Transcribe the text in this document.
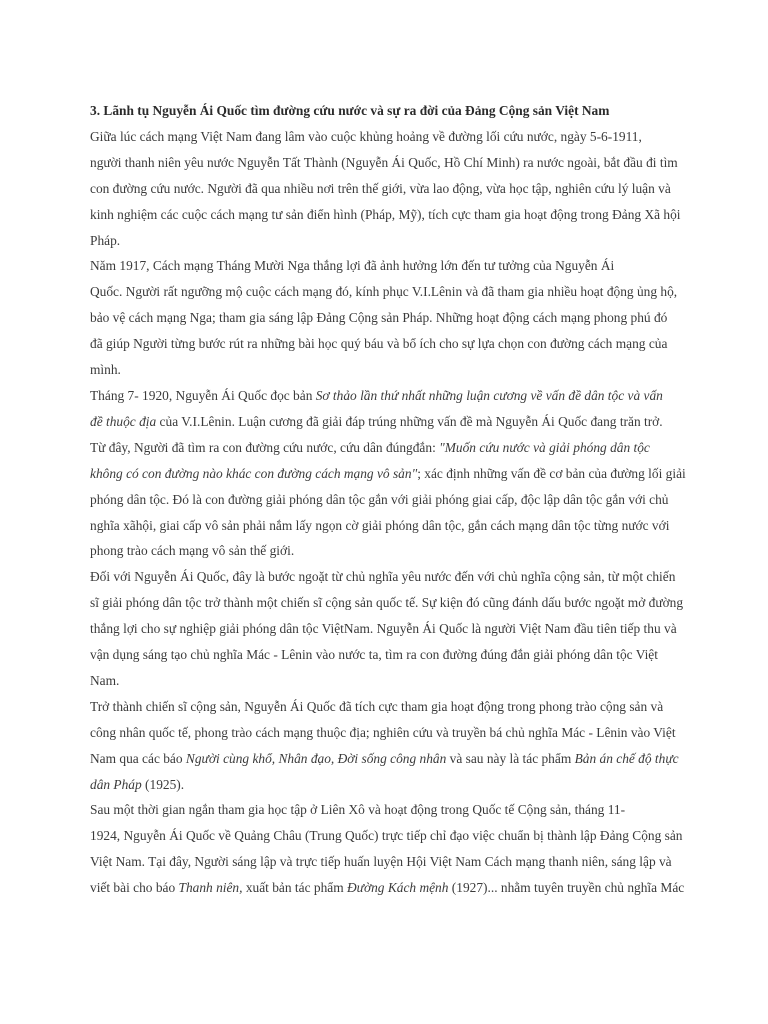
3. Lãnh tụ Nguyễn Ái Quốc tìm đường cứu nước và sự ra đời của Đảng Cộng sản Việt Nam

Giữa lúc cách mạng Việt Nam đang lâm vào cuộc khủng hoảng về đường lối cứu nước, ngày 5-6-1911,
người thanh niên yêu nước Nguyễn Tất Thành (Nguyễn Ái Quốc, Hồ Chí Minh) ra nước ngoài, bắt đầu đi tìm
con đường cứu nước. Người đã qua nhiều nơi trên thế giới, vừa lao động, vừa học tập, nghiên cứu lý luận và
kinh nghiệm các cuộc cách mạng tư sản điển hình (Pháp, Mỹ), tích cực tham gia hoạt động trong Đảng Xã hội
Pháp.

Năm 1917, Cách mạng Tháng Mười Nga thắng lợi đã ảnh hưởng lớn đến tư tưởng của Nguyễn Ái
Quốc. Người rất ngưỡng mộ cuộc cách mạng đó, kính phục V.I.Lênin và đã tham gia nhiều hoạt động ủng hộ,
bảo vệ cách mạng Nga; tham gia sáng lập Đảng Cộng sản Pháp. Những hoạt động cách mạng phong phú đó
đã giúp Người từng bước rút ra những bài học quý báu và bổ ích cho sự lựa chọn con đường cách mạng của
mình.

Tháng 7- 1920, Nguyễn Ái Quốc đọc bản Sơ thảo lần thứ nhất những luận cương về vấn đề dân tộc và vấn
đề thuộc địa của V.I.Lênin. Luận cương đã giải đáp trúng những vấn đề mà Nguyễn Ái Quốc đang trăn trở.
Từ đây, Người đã tìm ra con đường cứu nước, cứu dân đúngđắn: "Muốn cứu nước và giải phóng dân tộc
không có con đường nào khác con đường cách mạng vô sản"; xác định những vấn đề cơ bản của đường lối giải
phóng dân tộc. Đó là con đường giải phóng dân tộc gắn với giải phóng giai cấp, độc lập dân tộc gắn với chủ
nghĩa xãhội, giai cấp vô sản phải nắm lấy ngọn cờ giải phóng dân tộc, gắn cách mạng dân tộc từng nước với
phong trào cách mạng vô sản thế giới.

Đối với Nguyễn Ái Quốc, đây là bước ngoặt từ chủ nghĩa yêu nước đến với chủ nghĩa cộng sản, từ một chiến
sĩ giải phóng dân tộc trở thành một chiến sĩ cộng sản quốc tế. Sự kiện đó cũng đánh dấu bước ngoặt mở đường
thắng lợi cho sự nghiệp giải phóng dân tộc ViệtNam. Nguyễn Ái Quốc là người Việt Nam đầu tiên tiếp thu và
vận dụng sáng tạo chủ nghĩa Mác - Lênin vào nước ta, tìm ra con đường đúng đắn giải phóng dân tộc Việt
Nam.

Trở thành chiến sĩ cộng sản, Nguyễn Ái Quốc đã tích cực tham gia hoạt động trong phong trào cộng sản và
công nhân quốc tế, phong trào cách mạng thuộc địa; nghiên cứu và truyền bá chủ nghĩa Mác - Lênin vào Việt
Nam qua các báo Người cùng khổ, Nhân đạo, Đời sống công nhân và sau này là tác phẩm Bản án chế độ thực
dân Pháp (1925).

Sau một thời gian ngắn tham gia học tập ở Liên Xô và hoạt động trong Quốc tế Cộng sản, tháng 11-
1924, Nguyễn Ái Quốc về Quảng Châu (Trung Quốc) trực tiếp chỉ đạo việc chuẩn bị thành lập Đảng Cộng sản
Việt Nam. Tại đây, Người sáng lập và trực tiếp huấn luyện Hội Việt Nam Cách mạng thanh niên, sáng lập và
viết bài cho báo Thanh niên, xuất bản tác phẩm Đường Kách mệnh (1927)... nhằm tuyên truyền chủ nghĩa Mác
